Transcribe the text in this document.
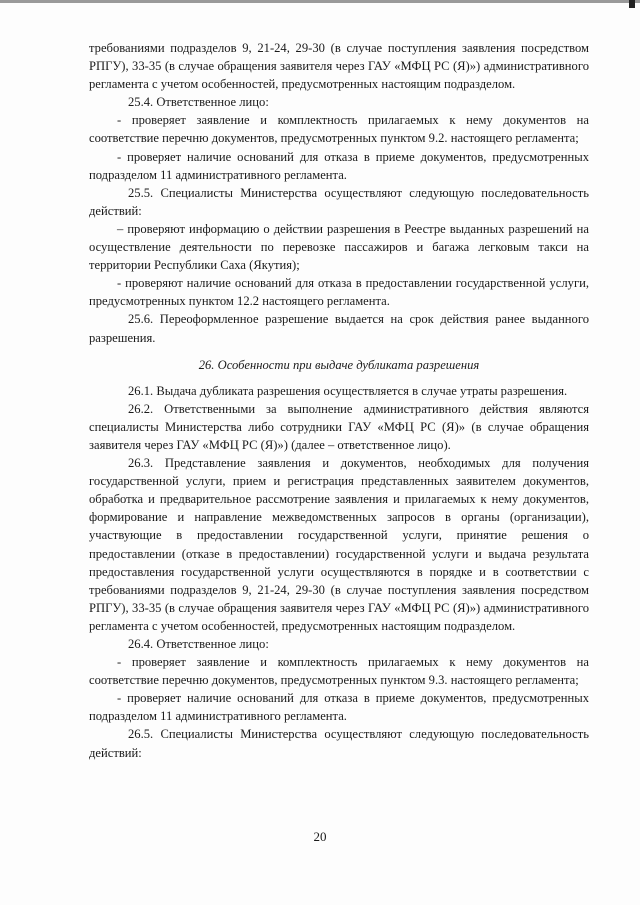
требованиями подразделов 9, 21-24, 29-30 (в случае поступления заявления посредством РПГУ), 33-35 (в случае обращения заявителя через ГАУ «МФЦ РС (Я)») административного регламента с учетом особенностей, предусмотренных настоящим подразделом.

25.4. Ответственное лицо:

- проверяет заявление и комплектность прилагаемых к нему документов на соответствие перечню документов, предусмотренных пунктом 9.2. настоящего регламента;

- проверяет наличие оснований для отказа в приеме документов, предусмотренных подразделом 11 административного регламента.

25.5. Специалисты Министерства осуществляют следующую последовательность действий:

– проверяют информацию о действии разрешения в Реестре выданных разрешений на осуществление деятельности по перевозке пассажиров и багажа легковым такси на территории Республики Саха (Якутия);

- проверяют наличие оснований для отказа в предоставлении государственной услуги, предусмотренных пунктом 12.2 настоящего регламента.

25.6. Переоформленное разрешение выдается на срок действия ранее выданного разрешения.

26. Особенности при выдаче дубликата разрешения

26.1. Выдача дубликата разрешения осуществляется в случае утраты разрешения.

26.2. Ответственными за выполнение административного действия являются специалисты Министерства либо сотрудники ГАУ «МФЦ РС (Я)» (в случае обращения заявителя через ГАУ «МФЦ РС (Я)») (далее – ответственное лицо).

26.3. Представление заявления и документов, необходимых для получения государственной услуги, прием и регистрация представленных заявителем документов, обработка и предварительное рассмотрение заявления и прилагаемых к нему документов, формирование и направление межведомственных запросов в органы (организации), участвующие в предоставлении государственной услуги, принятие решения о предоставлении (отказе в предоставлении) государственной услуги и выдача результата предоставления государственной услуги осуществляются в порядке и в соответствии с требованиями подразделов 9, 21-24, 29-30 (в случае поступления заявления посредством РПГУ), 33-35 (в случае обращения заявителя через ГАУ «МФЦ РС (Я)») административного регламента с учетом особенностей, предусмотренных настоящим подразделом.

26.4. Ответственное лицо:

- проверяет заявление и комплектность прилагаемых к нему документов на соответствие перечню документов, предусмотренных пунктом 9.3. настоящего регламента;

- проверяет наличие оснований для отказа в приеме документов, предусмотренных подразделом 11 административного регламента.

26.5. Специалисты Министерства осуществляют следующую последовательность действий:

20
